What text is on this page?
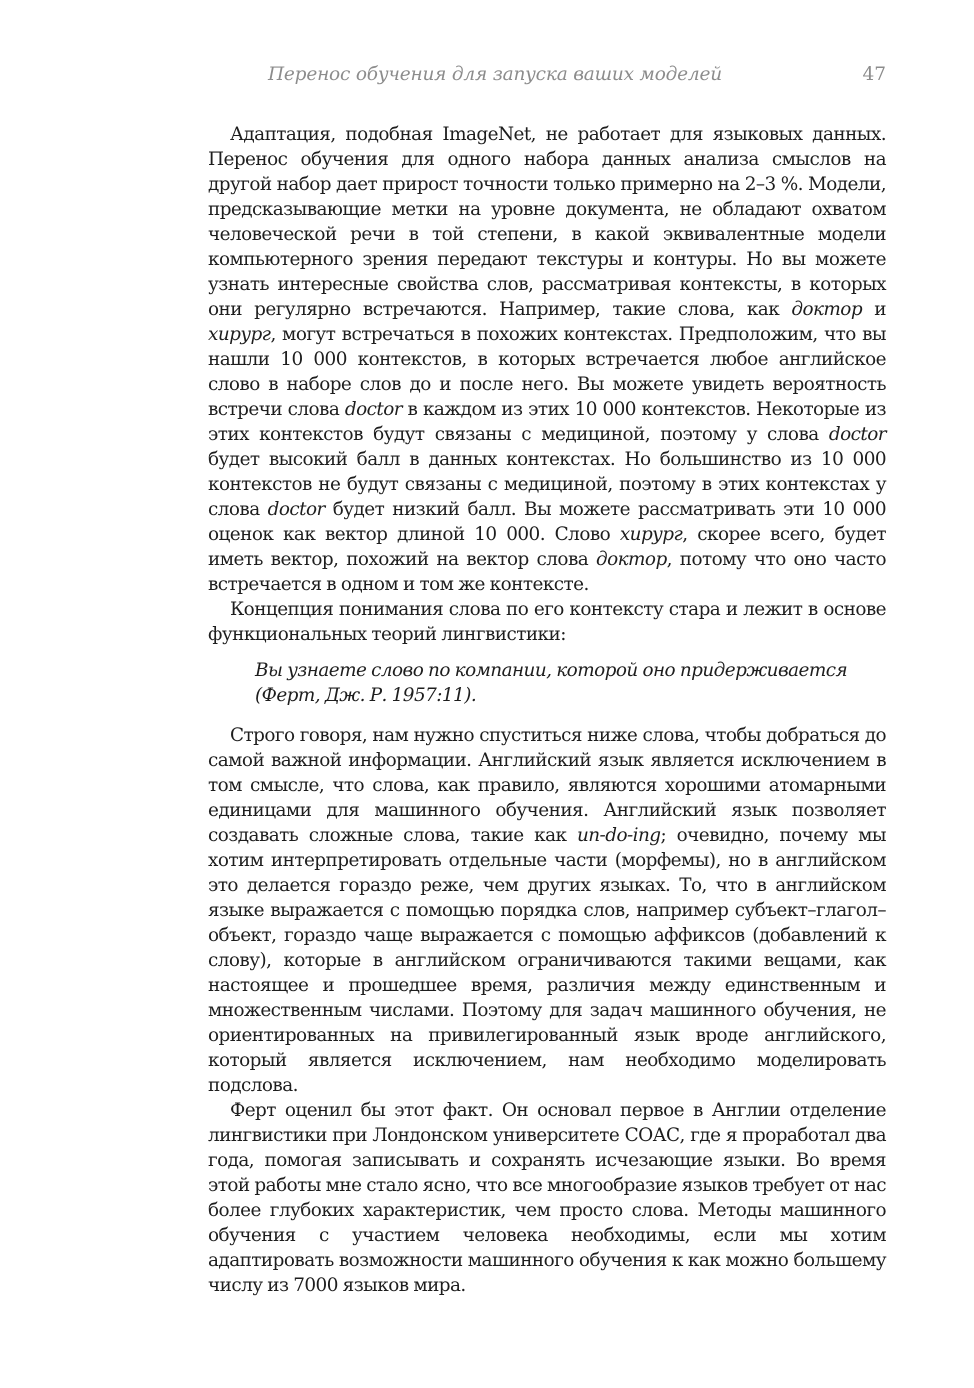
Перенос обучения для запуска ваших моделей	47

Адаптация, подобная ImageNet, не работает для языковых данных. Перенос обучения для одного набора данных анализа смыслов на другой набор дает прирост точности только примерно на 2–3 %. Модели, предсказывающие метки на уровне документа, не обладают охватом человеческой речи в той степени, в какой эквивалентные модели компьютерного зрения передают текстуры и контуры. Но вы можете узнать интересные свойства слов, рассматривая контексты, в которых они регулярно встречаются. Например, такие слова, как доктор и хирург, могут встречаться в похожих контекстах. Предположим, что вы нашли 10 000 контекстов, в которых встречается любое английское слово в наборе слов до и после него. Вы можете увидеть вероятность встречи слова doctor в каждом из этих 10 000 контекстов. Некоторые из этих контекстов будут связаны с медициной, поэтому у слова doctor будет высокий балл в данных контекстах. Но большинство из 10 000 контекстов не будут связаны с медициной, поэтому в этих контекстах у слова doctor будет низкий балл. Вы можете рассматривать эти 10 000 оценок как вектор длиной 10 000. Слово хирург, скорее всего, будет иметь вектор, похожий на вектор слова доктор, потому что оно часто встречается в одном и том же контексте.

Концепция понимания слова по его контексту стара и лежит в основе функциональных теорий лингвистики:

Вы узнаете слово по компании, которой оно придерживается
(Ферт, Дж. Р. 1957:11).

Строго говоря, нам нужно спуститься ниже слова, чтобы добраться до самой важной информации. Английский язык является исключением в том смысле, что слова, как правило, являются хорошими атомарными единицами для машинного обучения. Английский язык позволяет создавать сложные слова, такие как un-do-ing; очевидно, почему мы хотим интерпретировать отдельные части (морфемы), но в английском это делается гораздо реже, чем других языках. То, что в английском языке выражается с помощью порядка слов, например субъект–глагол–объект, гораздо чаще выражается с помощью аффиксов (добавлений к слову), которые в английском ограничиваются такими вещами, как настоящее и прошедшее время, различия между единственным и множественным числами. Поэтому для задач машинного обучения, не ориентированных на привилегированный язык вроде английского, который является исключением, нам необходимо моделировать подслова.

Ферт оценил бы этот факт. Он основал первое в Англии отделение лингвистики при Лондонском университете СОАС, где я проработал два года, помогая записывать и сохранять исчезающие языки. Во время этой работы мне стало ясно, что все многообразие языков требует от нас более глубоких характеристик, чем просто слова. Методы машинного обучения с участием человека необходимы, если мы хотим адаптировать возможности машинного обучения к как можно большему числу из 7000 языков мира.
